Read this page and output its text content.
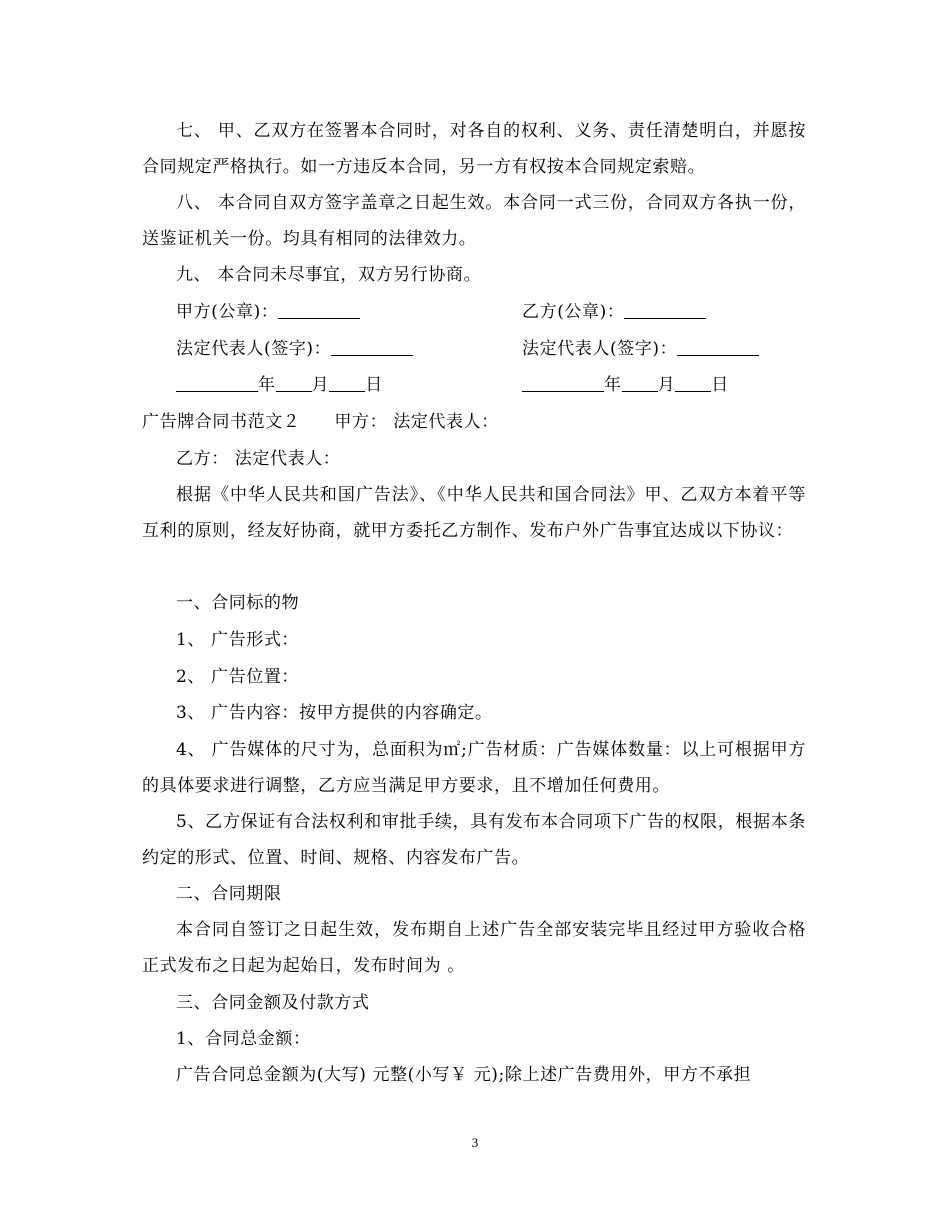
七、 甲、乙双方在签署本合同时，对各自的权利、义务、责任清楚明白，并愿按合同规定严格执行。如一方违反本合同，另一方有权按本合同规定索赔。
八、 本合同自双方签字盖章之日起生效。本合同一式三份，合同双方各执一份，送鉴证机关一份。均具有相同的法律效力。
九、 本合同未尽事宜，双方另行协商。
甲方(公章)：	乙方(公章)：
法定代表人(签字)：	法定代表人(签字)：
年 月 日	年 月 日
广告牌合同书范文２ 甲方： 法定代表人：
乙方： 法定代表人：
根据《中华人民共和国广告法》、《中华人民共和国合同法》甲、乙双方本着平等互利的原则，经友好协商，就甲方委托乙方制作、发布户外广告事宜达成以下协议：
一、合同标的物
1、 广告形式：
2、 广告位置：
3、 广告内容：按甲方提供的内容确定。
4、 广告媒体的尺寸为，总面积为㎡;广告材质：广告媒体数量：以上可根据甲方的具体要求进行调整，乙方应当满足甲方要求，且不增加任何费用。
5、乙方保证有合法权利和审批手续，具有发布本合同项下广告的权限，根据本条约定的形式、位置、时间、规格、内容发布广告。
二、合同期限
本合同自签订之日起生效，发布期自上述广告全部安装完毕且经过甲方验收合格正式发布之日起为起始日，发布时间为 。
三、合同金额及付款方式
1、合同总金额：
广告合同总金额为(大写) 元整(小写￥ 元);除上述广告费用外，甲方不承担
3
